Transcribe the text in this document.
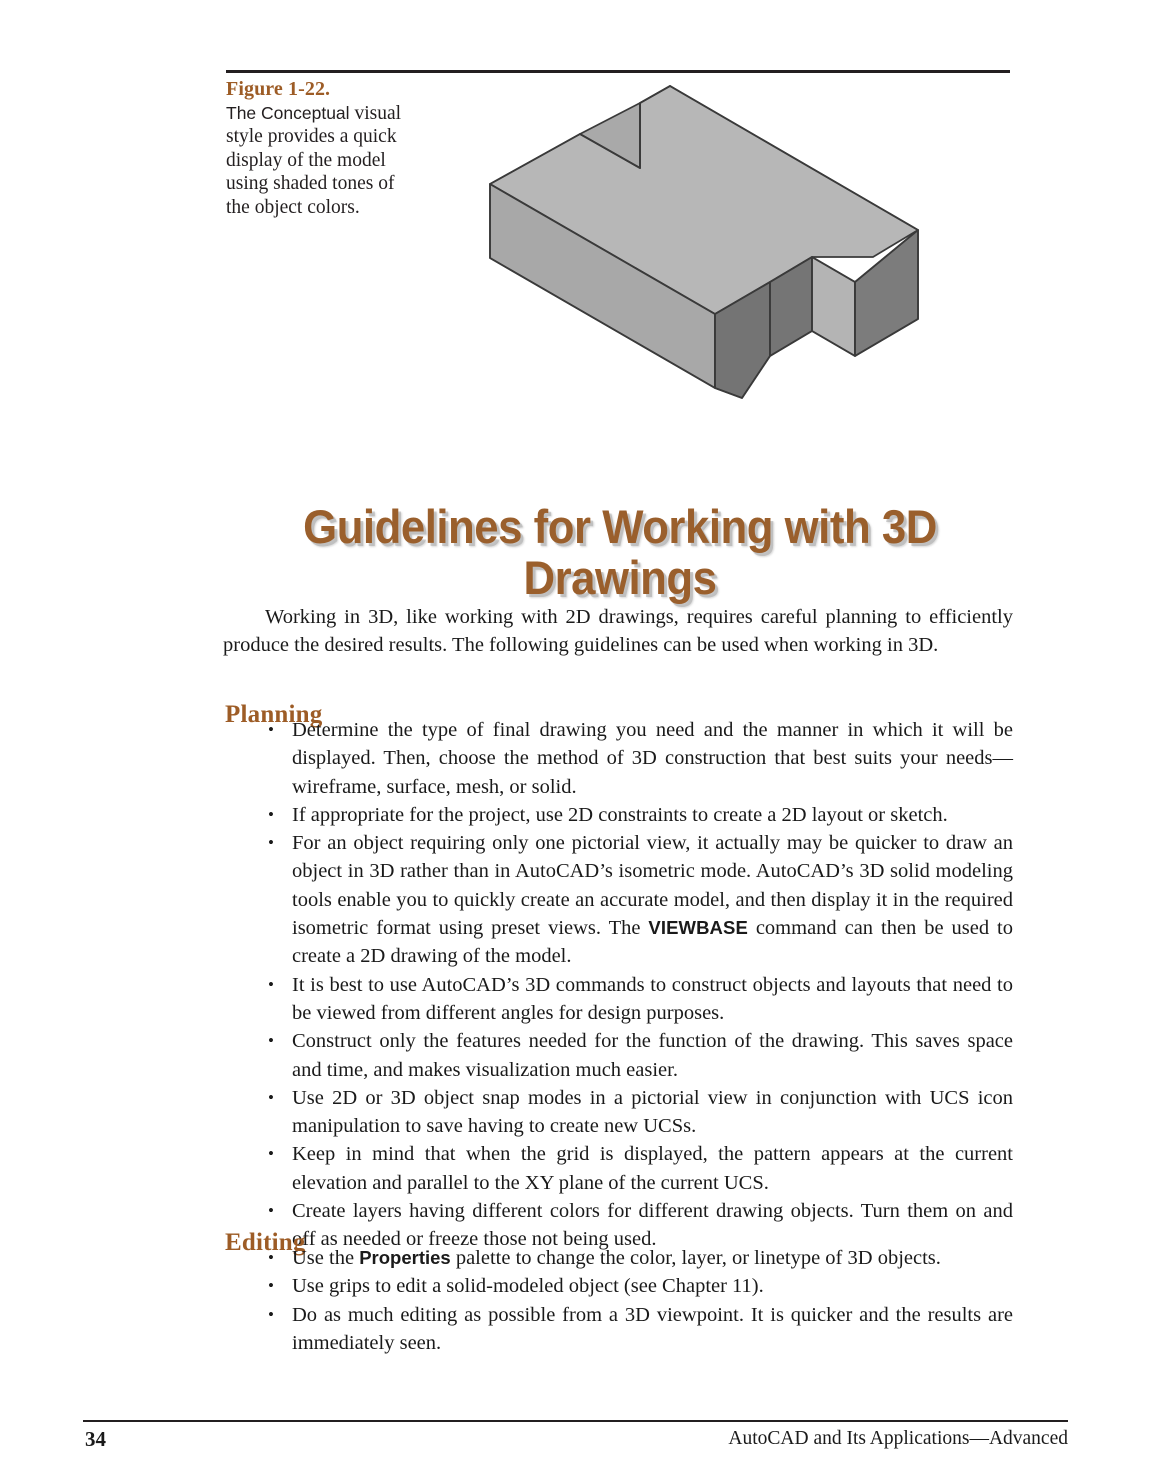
Figure 1-22.
The Conceptual visual style provides a quick display of the model using shaded tones of the object colors.
Guidelines for Working with 3D Drawings

Working in 3D, like working with 2D drawings, requires careful planning to efficiently produce the desired results. The following guidelines can be used when working in 3D.

Planning
• Determine the type of final drawing you need and the manner in which it will be displayed. Then, choose the method of 3D construction that best suits your needs—wireframe, surface, mesh, or solid.
• If appropriate for the project, use 2D constraints to create a 2D layout or sketch.
• For an object requiring only one pictorial view, it actually may be quicker to draw an object in 3D rather than in AutoCAD’s isometric mode. AutoCAD’s 3D solid modeling tools enable you to quickly create an accurate model, and then display it in the required isometric format using preset views. The VIEWBASE command can then be used to create a 2D drawing of the model.
• It is best to use AutoCAD’s 3D commands to construct objects and layouts that need to be viewed from different angles for design purposes.
• Construct only the features needed for the function of the drawing. This saves space and time, and makes visualization much easier.
• Use 2D or 3D object snap modes in a pictorial view in conjunction with UCS icon manipulation to save having to create new UCSs.
• Keep in mind that when the grid is displayed, the pattern appears at the current elevation and parallel to the XY plane of the current UCS.
• Create layers having different colors for different drawing objects. Turn them on and off as needed or freeze those not being used.
Editing
• Use the Properties palette to change the color, layer, or linetype of 3D objects.
• Use grips to edit a solid-modeled object (see Chapter 11).
• Do as much editing as possible from a 3D viewpoint. It is quicker and the results are immediately seen.
34	AutoCAD and Its Applications—Advanced
